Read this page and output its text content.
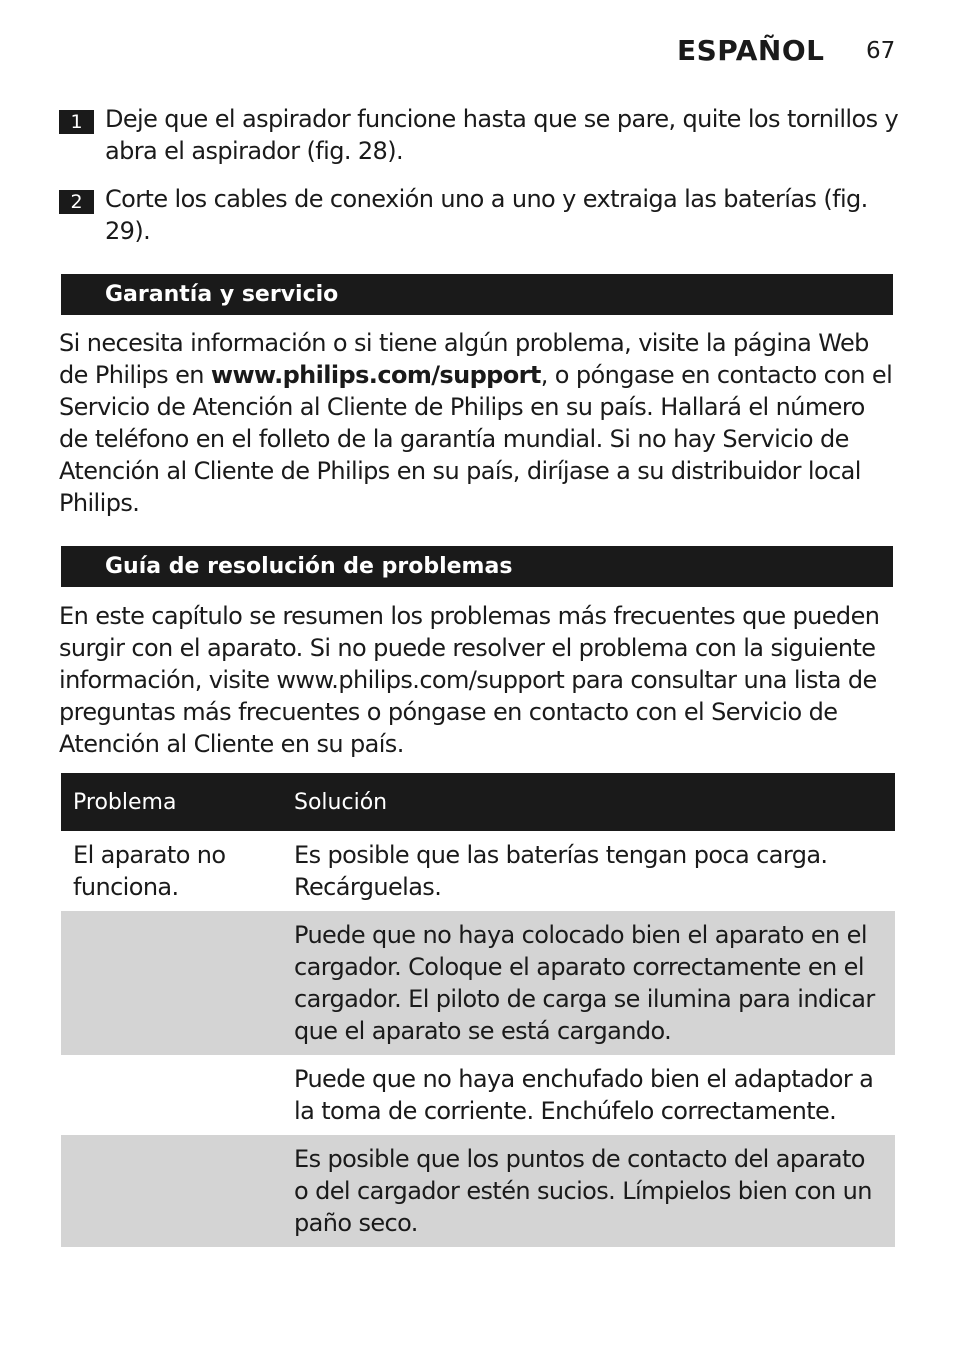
ESPAÑOL 67
1 Deje que el aspirador funcione hasta que se pare, quite los tornillos y abra el aspirador (fig. 28).
2 Corte los cables de conexión uno a uno y extraiga las baterías (fig. 29).
Garantía y servicio
Si necesita información o si tiene algún problema, visite la página Web de Philips en www.philips.com/support, o póngase en contacto con el Servicio de Atención al Cliente de Philips en su país. Hallará el número de teléfono en el folleto de la garantía mundial. Si no hay Servicio de Atención al Cliente de Philips en su país, diríjase a su distribuidor local Philips.
Guía de resolución de problemas
En este capítulo se resumen los problemas más frecuentes que pueden surgir con el aparato. Si no puede resolver el problema con la siguiente información, visite www.philips.com/support para consultar una lista de preguntas más frecuentes o póngase en contacto con el Servicio de Atención al Cliente en su país.
Problema	Solución
El aparato no funciona.	Es posible que las baterías tengan poca carga. Recárguelas.
	Puede que no haya colocado bien el aparato en el cargador. Coloque el aparato correctamente en el cargador. El piloto de carga se ilumina para indicar que el aparato se está cargando.
	Puede que no haya enchufado bien el adaptador a la toma de corriente. Enchúfelo correctamente.
	Es posible que los puntos de contacto del aparato o del cargador estén sucios. Límpielos bien con un paño seco.
